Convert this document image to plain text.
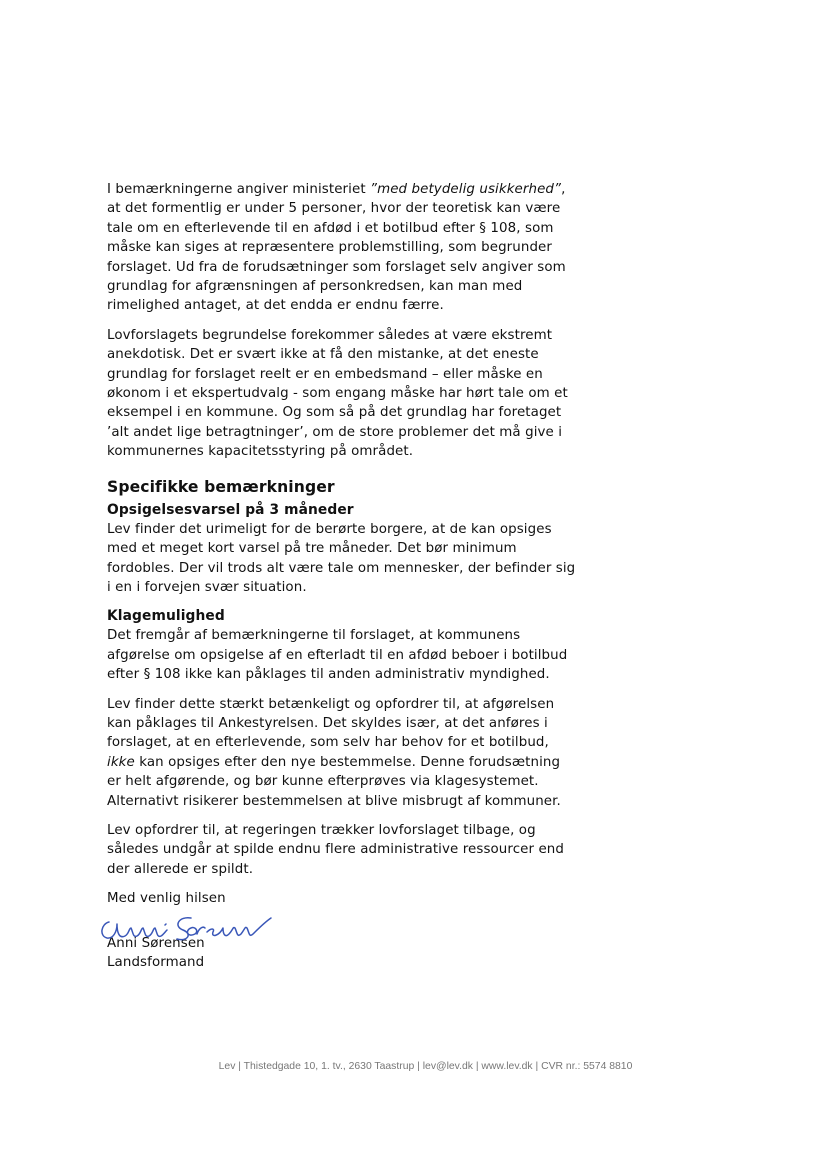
I bemærkningerne angiver ministeriet ”med betydelig usikkerhed”, at det formentlig er under 5 personer, hvor der teoretisk kan være tale om en efterlevende til en afdød i et botilbud efter § 108, som måske kan siges at repræsentere problemstilling, som begrunder forslaget. Ud fra de forudsætninger som forslaget selv angiver som grundlag for afgrænsningen af personkredsen, kan man med rimelighed antaget, at det endda er endnu færre.

Lovforslagets begrundelse forekommer således at være ekstremt anekdotisk. Det er svært ikke at få den mistanke, at det eneste grundlag for forslaget reelt er en embedsmand – eller måske en økonom i et ekspertudvalg - som engang måske har hørt tale om et eksempel i en kommune. Og som så på det grundlag har foretaget ’alt andet lige betragtninger’, om de store problemer det må give i kommunernes kapacitetsstyring på området.

Specifikke bemærkninger
Opsigelsesvarsel på 3 måneder

Lev finder det urimeligt for de berørte borgere, at de kan opsiges med et meget kort varsel på tre måneder. Det bør minimum fordobles. Der vil trods alt være tale om mennesker, der befinder sig i en i forvejen svær situation.

Klagemulighed

Det fremgår af bemærkningerne til forslaget, at kommunens afgørelse om opsigelse af en efterladt til en afdød beboer i botilbud efter § 108 ikke kan påklages til anden administrativ myndighed.

Lev finder dette stærkt betænkeligt og opfordrer til, at afgørelsen kan påklages til Ankestyrelsen. Det skyldes især, at det anføres i forslaget, at en efterlevende, som selv har behov for et botilbud, ikke kan opsiges efter den nye bestemmelse. Denne forudsætning er helt afgørende, og bør kunne efterprøves via klagesystemet. Alternativt risikerer bestemmelsen at blive misbrugt af kommuner.

Lev opfordrer til, at regeringen trækker lovforslaget tilbage, og således undgår at spilde endnu flere administrative ressourcer end der allerede er spildt.

Med venlig hilsen

Anni Sørensen

Landsformand

Lev | Thistedgade 10, 1. tv., 2630 Taastrup | lev@lev.dk | www.lev.dk | CVR nr.: 5574 8810
